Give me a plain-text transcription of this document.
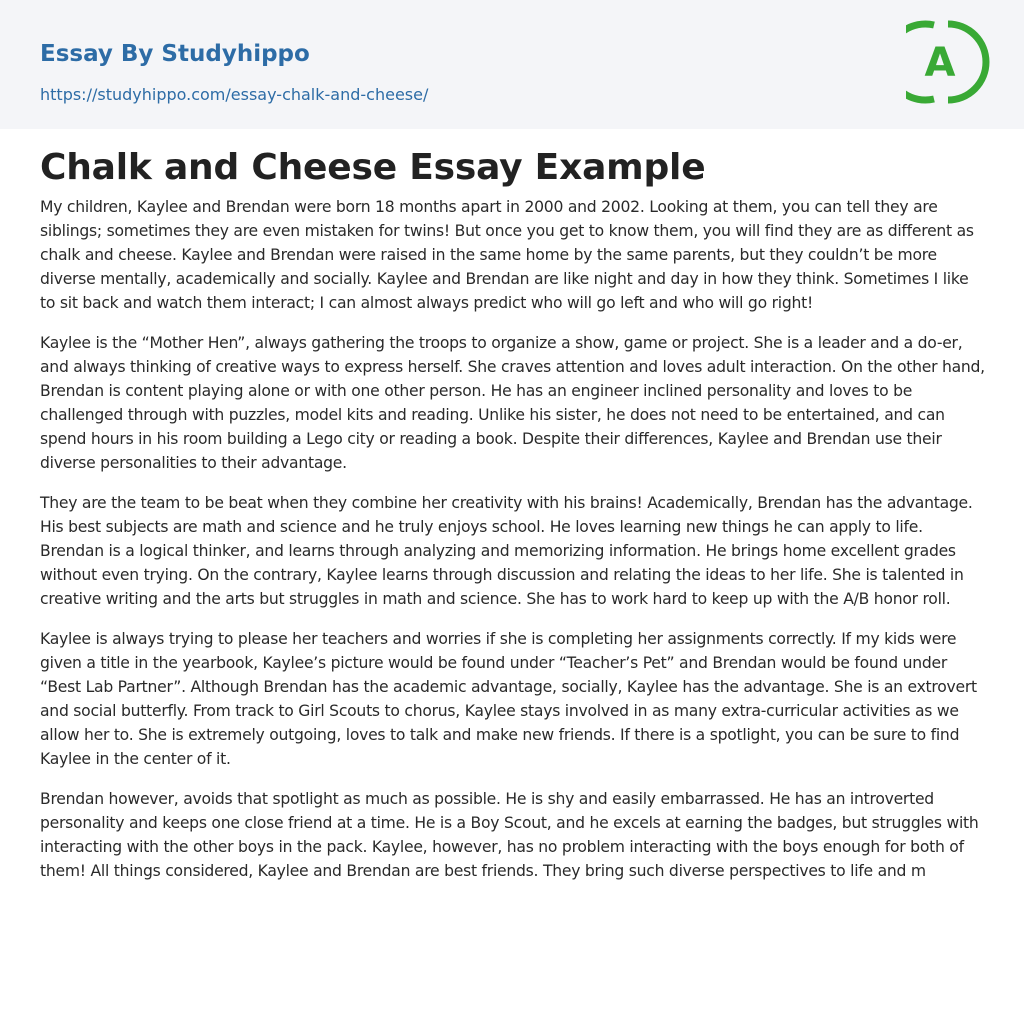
Essay By Studyhippo
https://studyhippo.com/essay-chalk-and-cheese/
A
Chalk and Cheese Essay Example

My children, Kaylee and Brendan were born 18 months apart in 2000 and 2002. Looking at them, you can tell they are siblings; sometimes they are even mistaken for twins! But once you get to know them, you will find they are as different as chalk and cheese. Kaylee and Brendan were raised in the same home by the same parents, but they couldn’t be more diverse mentally, academically and socially. Kaylee and Brendan are like night and day in how they think. Sometimes I like to sit back and watch them interact; I can almost always predict who will go left and who will go right!

Kaylee is the “Mother Hen”, always gathering the troops to organize a show, game or project. She is a leader and a do-er, and always thinking of creative ways to express herself. She craves attention and loves adult interaction. On the other hand, Brendan is content playing alone or with one other person. He has an engineer inclined personality and loves to be challenged through with puzzles, model kits and reading. Unlike his sister, he does not need to be entertained, and can spend hours in his room building a Lego city or reading a book. Despite their differences, Kaylee and Brendan use their diverse personalities to their advantage.

They are the team to be beat when they combine her creativity with his brains! Academically, Brendan has the advantage. His best subjects are math and science and he truly enjoys school. He loves learning new things he can apply to life. Brendan is a logical thinker, and learns through analyzing and memorizing information. He brings home excellent grades without even trying. On the contrary, Kaylee learns through discussion and relating the ideas to her life. She is talented in creative writing and the arts but struggles in math and science. She has to work hard to keep up with the A/B honor roll.

Kaylee is always trying to please her teachers and worries if she is completing her assignments correctly. If my kids were given a title in the yearbook, Kaylee’s picture would be found under “Teacher’s Pet” and Brendan would be found under “Best Lab Partner”. Although Brendan has the academic advantage, socially, Kaylee has the advantage. She is an extrovert and social butterfly. From track to Girl Scouts to chorus, Kaylee stays involved in as many extra-curricular activities as we allow her to. She is extremely outgoing, loves to talk and make new friends. If there is a spotlight, you can be sure to find Kaylee in the center of it.

Brendan however, avoids that spotlight as much as possible. He is shy and easily embarrassed. He has an introverted personality and keeps one close friend at a time. He is a Boy Scout, and he excels at earning the badges, but struggles with interacting with the other boys in the pack. Kaylee, however, has no problem interacting with the boys enough for both of them! All things considered, Kaylee and Brendan are best friends. They bring such diverse perspectives to life and m
